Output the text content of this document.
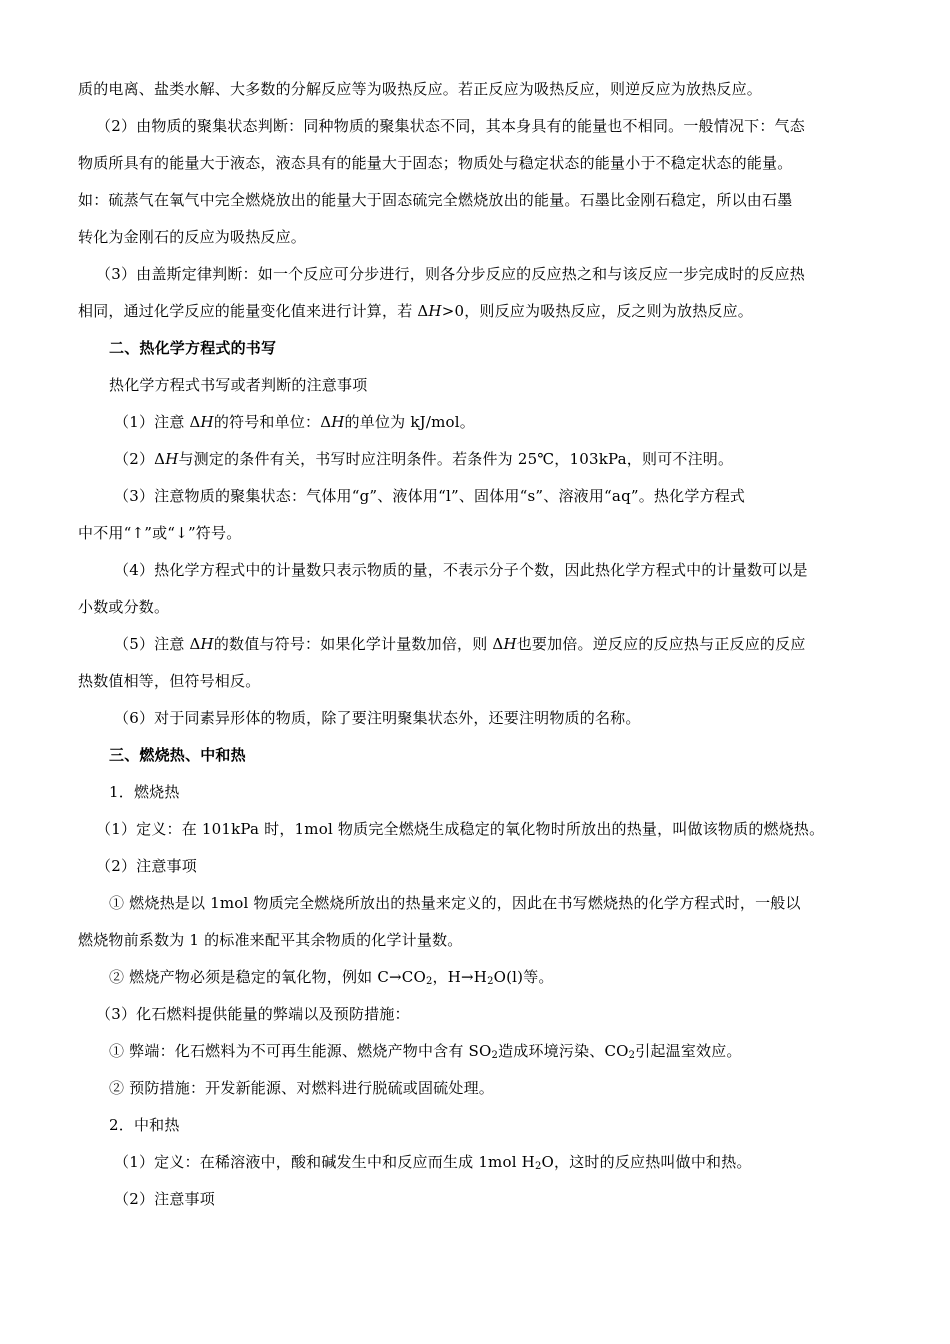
质的电离、盐类水解、大多数的分解反应等为吸热反应。若正反应为吸热反应，则逆反应为放热反应。
（2）由物质的聚集状态判断：同种物质的聚集状态不同，其本身具有的能量也不相同。一般情况下：气态
物质所具有的能量大于液态，液态具有的能量大于固态；物质处与稳定状态的能量小于不稳定状态的能量。
如：硫蒸气在氧气中完全燃烧放出的能量大于固态硫完全燃烧放出的能量。石墨比金刚石稳定，所以由石墨
转化为金刚石的反应为吸热反应。
（3）由盖斯定律判断：如一个反应可分步进行，则各分步反应的反应热之和与该反应一步完成时的反应热
相同，通过化学反应的能量变化值来进行计算，若 ΔH>0，则反应为吸热反应，反之则为放热反应。
二、热化学方程式的书写
热化学方程式书写或者判断的注意事项
（1）注意 ΔH的符号和单位：ΔH的单位为 kJ/mol。
（2）ΔH与测定的条件有关，书写时应注明条件。若条件为 25℃，103kPa，则可不注明。
（3）注意物质的聚集状态：气体用“g”、液体用“l”、固体用“s”、溶液用“aq”。热化学方程式
中不用“↑”或“↓”符号。
（4）热化学方程式中的计量数只表示物质的量，不表示分子个数，因此热化学方程式中的计量数可以是
小数或分数。
（5）注意 ΔH的数值与符号：如果化学计量数加倍，则 ΔH也要加倍。逆反应的反应热与正反应的反应
热数值相等，但符号相反。
（6）对于同素异形体的物质，除了要注明聚集状态外，还要注明物质的名称。
三、燃烧热、中和热
1．燃烧热
（1）定义：在 101kPa 时，1mol 物质完全燃烧生成稳定的氧化物时所放出的热量，叫做该物质的燃烧热。
（2）注意事项
① 燃烧热是以 1mol 物质完全燃烧所放出的热量来定义的，因此在书写燃烧热的化学方程式时，一般以
燃烧物前系数为 1 的标准来配平其余物质的化学计量数。
② 燃烧产物必须是稳定的氧化物，例如 $C\to CO_2$，$H\to H_2O(l)$等。
（3）化石燃料提供能量的弊端以及预防措施：
① 弊端：化石燃料为不可再生能源、燃烧产物中含有 $SO_2$造成环境污染、$CO_2$引起温室效应。
② 预防措施：开发新能源、对燃料进行脱硫或固硫处理。
2．中和热
（1）定义：在稀溶液中，酸和碱发生中和反应而生成 1mol $H_2O$，这时的反应热叫做中和热。
（2）注意事项
